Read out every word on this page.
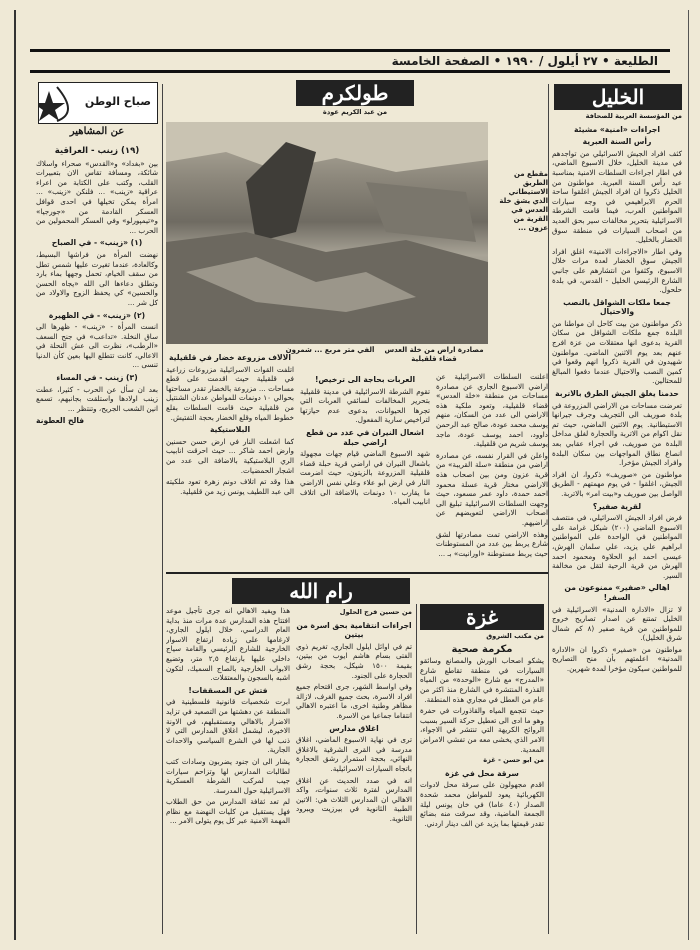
الطليعة • ٢٧ أيلول / ١٩٩٠ • الصفحة الخامسة
الخليل
من المؤسسة العربية للصحافة
اجراءات «امنية» مشيئة
رأس السنة العبرية

كثف افراد الجيش الاسرائيلي من تواجدهم في مدينة الخليل، خلال الاسبوع الماضي، في اطار اجراءات السلطات الامنية بمناسبة عيد رأس السنة العبرية. مواطنون من الخليل ذكروا ان افراد الجيش اغلقوا ساحة الحرم الابراهيمي في وجه سيارات المواطنين العرب، فيما قامت الشرطة الاسرائيلية بتحرير مخالفات سير بحق العديد من اصحاب السيارات في منطقة سوق الخضار بالخليل.

وفي اطار «الاجراءات الامنية» اغلق افراد الجيش سوق الخضار لعدة مرات خلال الاسبوع، وكثفوا من انتشارهم على جانبي الشارع الرئيسي الخليل - القدس، في بلدة حلحول.

جمعا ملكات الشواقل بالنصب والاحتيال

ذكر مواطنون من بيت كاحل ان مواطنا من البلدة جمع ملكات الشواقل من سكان القرية بدعوى انها معتقلات من عزة افرج عنهم بعد يوم الاثنين الماضي. مواطنون شهيدون في القرية ذكروا انهم وقعوا في كمين النصب والاحتيال عندما دفعوا المبالغ للمحتالين.

حدمنا يغلق الجيش الطرق بالاتربة

تعرضت مساحات من الاراضي المزروعة في بلدة صوريف الى التجريف وجرف جيرانها الاستيطانية. يوم الاثنين الماضي، حيث تم نقل اكوام من الاتربة والحجارة لغلق مداخل البلدة من صوريف، في اجراء عقابي بعد انصاع نطاق المواجهات بين سكان البلدة وافراد الجيش مؤخرا.

مواطنون من «صوريف» ذكروا، ان افراد الجيش، اغلقوا - في يوم مهمتهم - الطريق الواصل بين صوريف و«بيت امر» بالاتربة.

لقرية صفير؟

فرض افراد الجيش الاسرائيلي، في منتصف الاسبوع الماضي (٢٠٠) شيكل غرامة على المواطنين في الواحدة على المواطنين ابراهيم علي يزيد، علي سلمان الهرش، عيسى احمد ابو الحلاوة ومحمود احمد الهرش من قرية الرحية لتقل من مخالفة السير.

اهالي «صفير» ممنوعون من السفر!

لا تزال «الادارة المدنية» الاسرائيلية في الخليل تمتنع عن اصدار تصاريح خروج للمواطنين من قرية صفير (٨ كم شمال شرق الخليل).

مواطنون من «صفير» ذكروا ان «الادارة المدنية» اعلمتهم بأن منح التصاريح للمواطنين سيكون مؤخرا لمدة شهرين.

طولكرم
من عبد الكريم عودة
مقطع من الطريق الاستيطاني الذي يشق خلة العدس في القرية من عزون ...
مصادرة اراض من خلة العدس قضاء قلقيلية
ألفي متر مربع ... شمرون

اعلنت السلطات الاسرائيلية عن اراضي الاسبوع الجاري عن مصادرة مساحات من منطقة «خلة العدس» قضاء قلقيلية، وتعود ملكية هذه الاراضي الى عدد من السكان، منهم يوسف محمد عودة، صالح عبد الرحمن داوود، احمد يوسف عودة، ماجد يوسف شريم من قلقيلية.

واعلن في القرار نفسه، عن مصادرة اراضي من منطقة «سلة القريبة» من قرية عزون ومن بين اصحاب هذه الاراضي مختار قرية عسلة محمود احمد حمدة، داود عمر مسعود، حيث وجهت السلطات الاسرائيلية تبليغ الى اصحاب الاراضي لتعويضهم عن اراضيهم.

وهذه الاراضي تمت مصادرتها لشق شارع يربط بين عدد من المستوطنات حيث يربط مستوطنة «اورانيت» بـ ...

العربات بحاجة الى ترخيص!

تقوم الشرطة الاسرائيلية في مدينة قلقيلية بتحرير المخالفات لسائقي العربات التي تجرها الحيوانات، بدعوى عدم حيازتها لتراخيص سارية المفعول.

اشعال النيران في عدد من قطع اراضي حبلة

شهد الاسبوع الماضي قيام جهات مجهولة باشعال النيران في اراضي قرية حبلة قضاء قلقيلية المزروعة بالزيتون، حيث اضرمت النار في ارض ابو علاء وعلي نفس الاراضي ما يقارب ١٠ دونمات بالاضافة الى اتلاف انابيب المياه.

الالاف مزروعة خضار في قلقيلية

اتلفت القوات الاسرائيلية مزروعات زراعية في قلقيلية حيث اقدمت على قطع مساحات ... مزروعة بالخضار تقدر مساحتها بحوالي ١٠ دونمات للمواطن عدنان الشنتيل من قلقيلية حيث قامت السلطات بقلع خطوط المياه وقلع الخضار بحجة التفتيش.

البلاستيكية

كما اشعلت النار في ارض حسن حسنين وارض احمد شاكر ... حيث احرقت انابيب الري البلاستيكية بالاضافة الى عدد من اشجار الحمضيات.

هذا وقد تم اتلاف دونم زهرة تعود ملكيته الى عبد اللطيف يونس زيد من قلقيلية.

رام الله
من حسين فرج الحلول
اجراءات انتقامية بحق اسرة من بيتين

تم في اوائل ايلول الجاري، تغريم ذوي الفتى بسام هاشم ايوب من بيتين، بقيمة ١٥٠٠ شيكل، بحجة رشق الحجارة على الجنود.

وفي اواسط الشهر، جرى اقتحام جميع افراد الاسرة، بحث جميع الغرف، لازالة مظاهر وطنية اخرى، ما اعتبره الاهالي انتقاما جماعيا من الاسرة.

اغلاق مدارس

ترى في نهاية الاسبوع الماضي، اغلاق مدرسة في القرى الشرقية بالاغلاق النهائي، بحجة استمرار رشق الحجارة باتجاه السيارات الاسرائيلية.

انه في صدد الحديث عن اغلاق المدارس لفترة ثلاث سنوات، واكد الاهالي ان المدارس الثلاث هي: الاتين الطبية الثانوية في بيرزيت ويبرود الثانوية.

هذا ويفيد الاهالي انه جرى تأجيل موعد افتتاح هذه المدارس عدة مرات منذ بداية العام الدراسي، خلال ايلول الجاري، لارغامها على زيادة ارتفاع الاسوار الخارجية للشارع الرئيسي والقامة سياج داخلي عليها بارتفاع ٢,٥ متر، وتضيع الابواب الخارجية بالصاج السميك، لتكون اشبه بالسجون والمعتقلات.

فتش عن المسقفات!

ابرت شخصيات قانونية فلسطينية في المنطقة عن دهشتها من التصعيد في تزايد الاضرار بالاهالي ومستقبلهم، في الاونة الاخيرة، ليشمل اغلاق المدارس التي لا ذنب لها في الشرع السياسي والاحداث الجارية.

يشار الى ان جنود يضربون وسادات كتب لطالبات المدارس لها وتزاحم سيارات جيب لمركب الشرطة العسكرية الاسرائيلية حول المدرسة.

لم تعد ثقافة المدارس من حق الطلاب فهل يستقيل من كليات النهضة مع نظام المهمة الامنية عبر كل يوم يتولى الامر ...

غزة
من مكتب الشروق
مكرمة صحية

يشكو اصحاب الورش والمصانع وسائقو السيارات في منطقة تقاطع شارع «المدرج» مع شارع «الوحدة» من المياه القذرة المنتشرة في الشارع منذ اكثر من عام من العطل في مجاري هذه المنطقة.

حيث تتجمع المياه والقاذورات في حفرة وهو ما ادى الى تعطيل حركة السير بسبب الروائح الكريهة التي تنتشر في الاجواء، الامر الذي يخشى معه من تفشي الامراض المعدية.

من ابو حسن - غزة
سرقة محل في غزة

اقدم مجهولون على سرقة محل لادوات الكهربائية يعود للمواطن محمد شحدة الصدار (٤٠ عاما) في خان يونس ليلة الجمعة الماضية، وقد سرقت منه بضائع تقدر قيمتها بما يزيد عن الف دينار اردني.

صباح الوطن
عن المشاهير
(١٩) زينب - العراقية

بين «بغداد» و«القدس» صحراء واسلاك شائكة، ومسافة تقاس الان بتعبيرات القلب، وكتب على الكتابة من اعراء عراقية «زينب» ... فلنكن «زينب» ... امرأة يمكن تخيلها في احدى قوافل العسكر القادمة من «جورجيا» و«تيمپورلو» وفي العسكر المحمولين من الحرب ...

(١) «زينب» - في الصباح

نهضت المرأة من فراشها البسيط، وكالعادة، عندما تغيرت عليها شمس تطل من سقف الخيام، تحمل وجهها بماء بارد وتطلق دعاءها الى الله «يجاه الحسن والحسين» كي يحفظ الزوج والاولاد من كل شر ...

(٢) «زينب» - في الظهيرة

انست المرأة - «زينب» - ظهرها الى ساق النخلة. «تداعب» في جنح السعف «الرطب»، نظرت الى عش النحلة في الاعالي، كانت تتطلع اليها بعين كأن الدنيا تنسى ...

(٣) زينب - في المساء

بعد ان سأل عن الحرب - كثيرا، عطت زينب اولادها واستلقت بجانبهم، تسمع انين الشعب الجريح، وتنتظر ...

فالح العطونة
